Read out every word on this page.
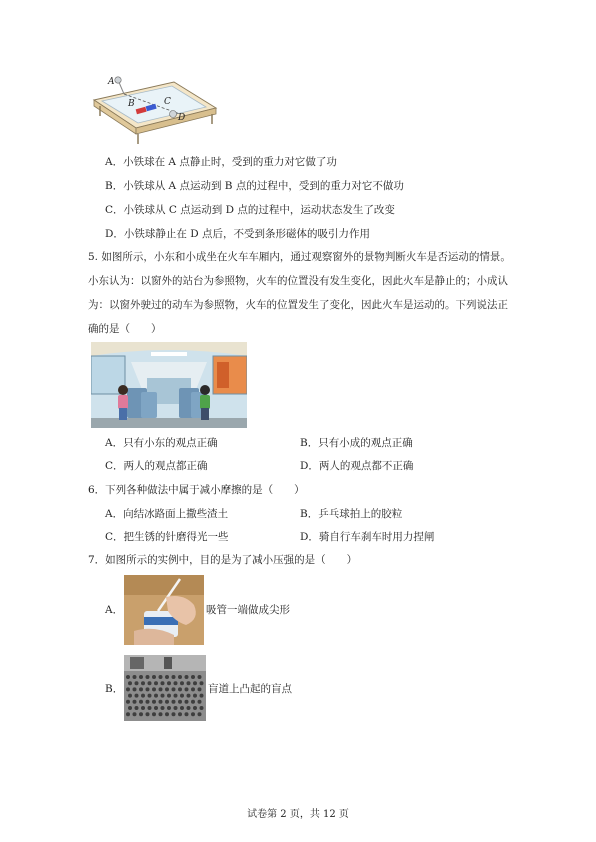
A
B	C
D
A．小铁球在 A 点静止时，受到的重力对它做了功
B．小铁球从 A 点运动到 B 点的过程中，受到的重力对它不做功
C．小铁球从 C 点运动到 D 点的过程中，运动状态发生了改变
D．小铁球静止在 D 点后，不受到条形磁体的吸引力作用
5. 如图所示，小东和小成坐在火车车厢内，通过观察窗外的景物判断火车是否运动的情景。
小东认为：以窗外的站台为参照物，火车的位置没有发生变化，因此火车是静止的；小成认
为：以窗外驶过的动车为参照物，火车的位置发生了变化，因此火车是运动的。下列说法正
确的是（　　）
A．只有小东的观点正确	B．只有小成的观点正确
C．两人的观点都正确	D．两人的观点都不正确
6．下列各种做法中属于减小摩擦的是（　　）
A．向结冰路面上撒些渣土	B．乒乓球拍上的胶粒
C．把生锈的针磨得光一些	D．骑自行车刹车时用力捏闸
7．如图所示的实例中，目的是为了减小压强的是（　　）
A．	吸管一端做成尖形
B．	盲道上凸起的盲点
试卷第 2 页，共 12 页
